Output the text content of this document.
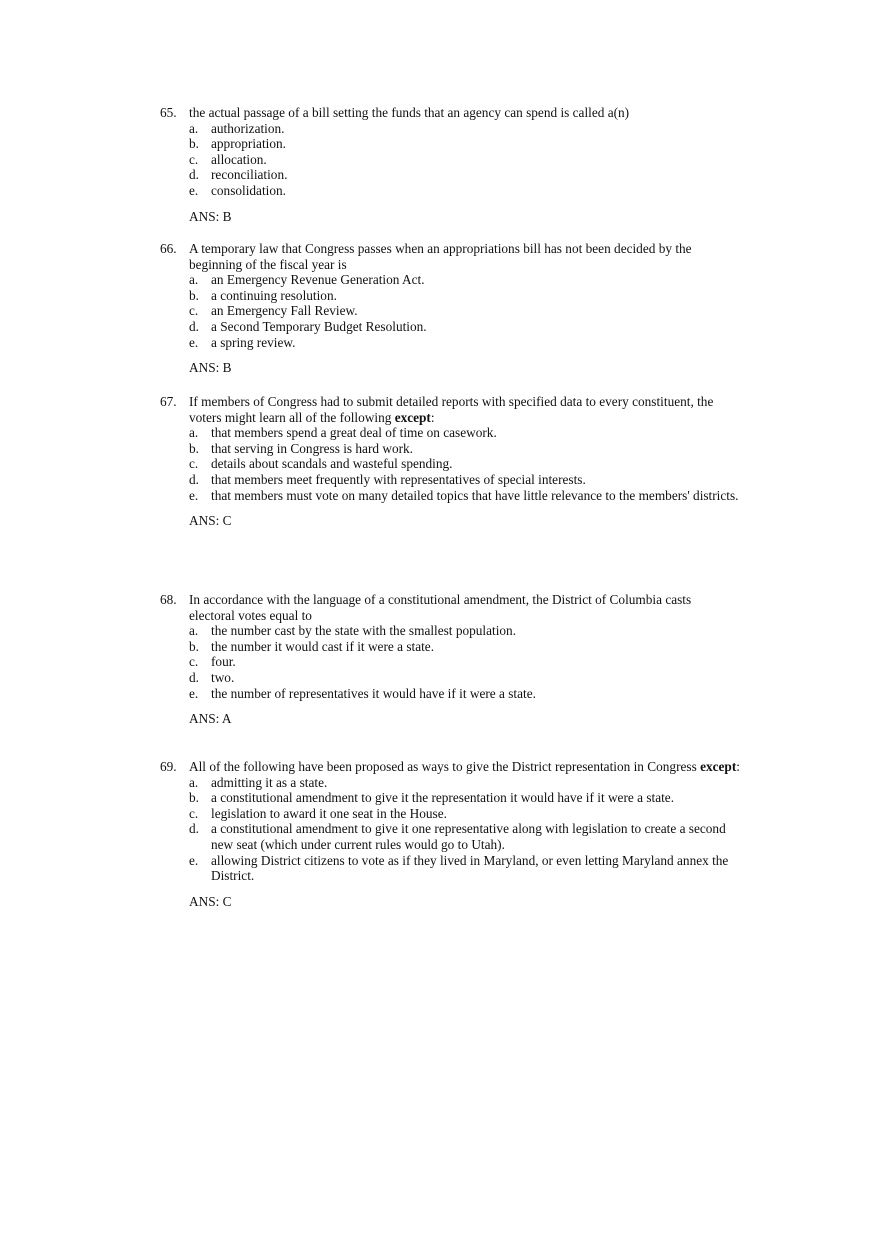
65. the actual passage of a bill setting the funds that an agency can spend is called a(n)
a. authorization.
b. appropriation.
c. allocation.
d. reconciliation.
e. consolidation.
ANS: B
66. A temporary law that Congress passes when an appropriations bill has not been decided by the beginning of the fiscal year is
a. an Emergency Revenue Generation Act.
b. a continuing resolution.
c. an Emergency Fall Review.
d. a Second Temporary Budget Resolution.
e. a spring review.
ANS: B
67. If members of Congress had to submit detailed reports with specified data to every constituent, the voters might learn all of the following except:
a. that members spend a great deal of time on casework.
b. that serving in Congress is hard work.
c. details about scandals and wasteful spending.
d. that members meet frequently with representatives of special interests.
e. that members must vote on many detailed topics that have little relevance to the members' districts.
ANS: C
68. In accordance with the language of a constitutional amendment, the District of Columbia casts electoral votes equal to
a. the number cast by the state with the smallest population.
b. the number it would cast if it were a state.
c. four.
d. two.
e. the number of representatives it would have if it were a state.
ANS: A
69. All of the following have been proposed as ways to give the District representation in Congress except:
a. admitting it as a state.
b. a constitutional amendment to give it the representation it would have if it were a state.
c. legislation to award it one seat in the House.
d. a constitutional amendment to give it one representative along with legislation to create a second new seat (which under current rules would go to Utah).
e. allowing District citizens to vote as if they lived in Maryland, or even letting Maryland annex the District.
ANS: C
